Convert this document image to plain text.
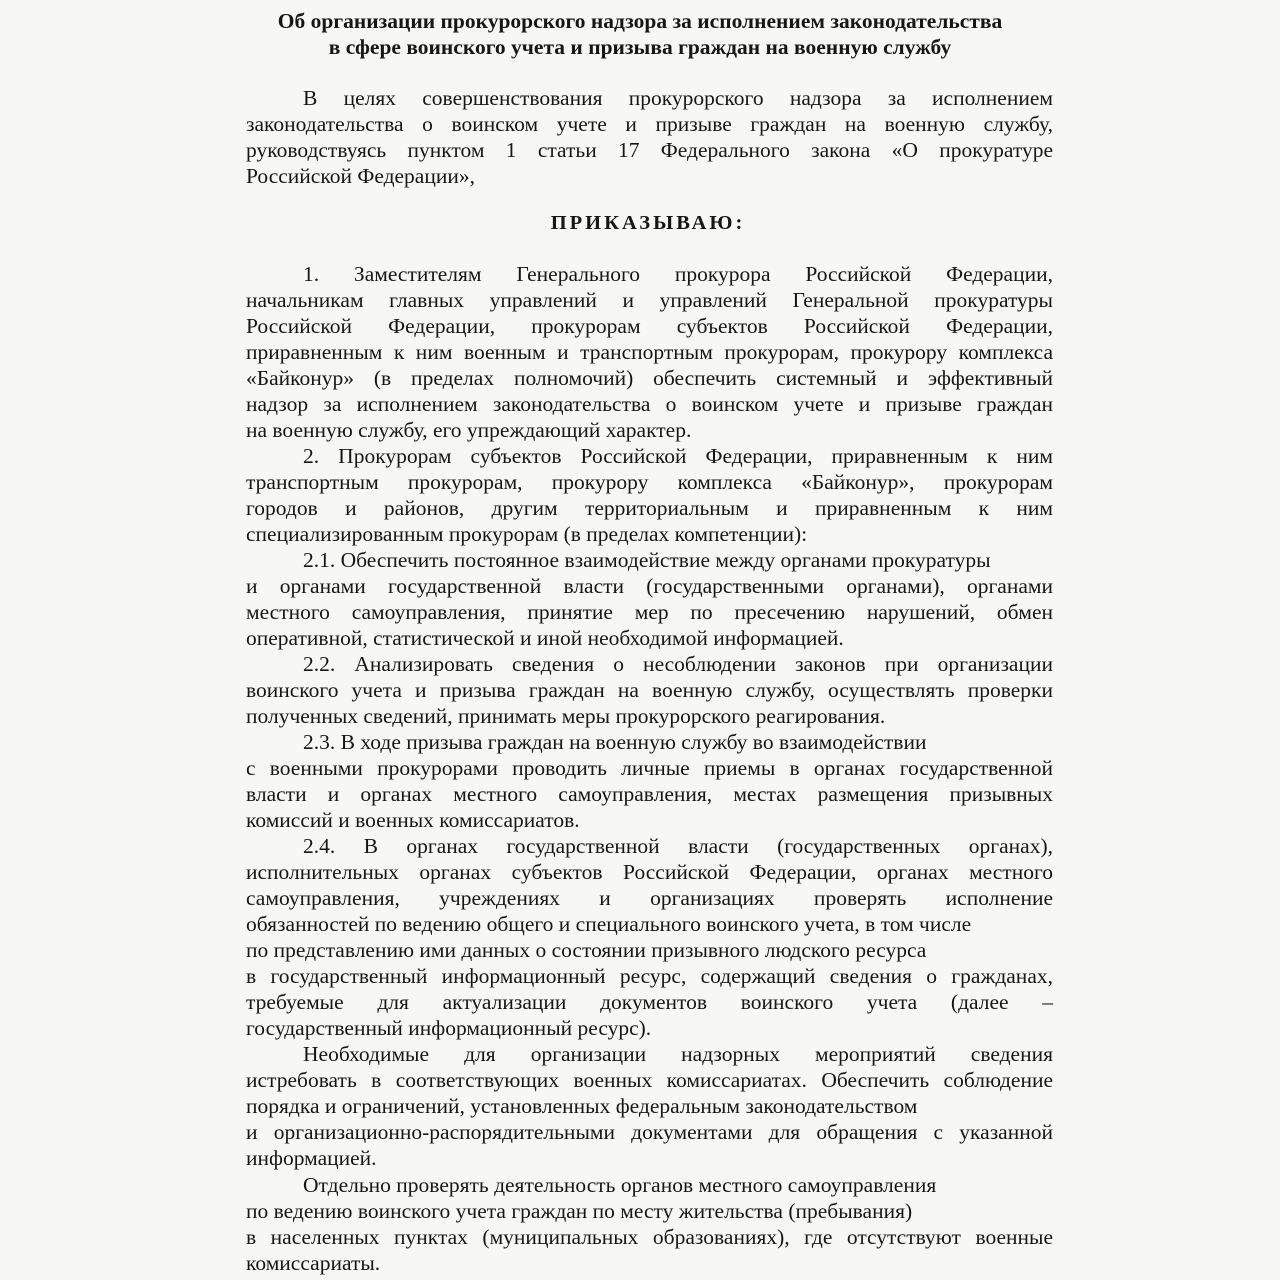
Об организации прокурорского надзора за исполнением законодательства
в сфере воинского учета и призыва граждан на военную службу
В целях совершенствования прокурорского надзора за исполнением
законодательства о воинском учете и призыве граждан на военную службу,
руководствуясь пунктом 1 статьи 17 Федерального закона «О прокуратуре
Российской Федерации»,
ПРИКАЗЫВАЮ:
1. Заместителям Генерального прокурора Российской Федерации,
начальникам главных управлений и управлений Генеральной прокуратуры
Российской Федерации, прокурорам субъектов Российской Федерации,
приравненным к ним военным и транспортным прокурорам, прокурору комплекса
«Байконур» (в пределах полномочий) обеспечить системный и эффективный
надзор за исполнением законодательства о воинском учете и призыве граждан
на военную службу, его упреждающий характер.
2. Прокурорам субъектов Российской Федерации, приравненным к ним
транспортным прокурорам, прокурору комплекса «Байконур», прокурорам
городов и районов, другим территориальным и приравненным к ним
специализированным прокурорам (в пределах компетенции):
2.1. Обеспечить постоянное взаимодействие между органами прокуратуры
и органами государственной власти (государственными органами), органами
местного самоуправления, принятие мер по пресечению нарушений, обмен
оперативной, статистической и иной необходимой информацией.
2.2. Анализировать сведения о несоблюдении законов при организации
воинского учета и призыва граждан на военную службу, осуществлять проверки
полученных сведений, принимать меры прокурорского реагирования.
2.3. В ходе призыва граждан на военную службу во взаимодействии
с военными прокурорами проводить личные приемы в органах государственной
власти и органах местного самоуправления, местах размещения призывных
комиссий и военных комиссариатов.
2.4. В органах государственной власти (государственных органах),
исполнительных органах субъектов Российской Федерации, органах местного
самоуправления, учреждениях и организациях проверять исполнение
обязанностей по ведению общего и специального воинского учета, в том числе
по представлению ими данных о состоянии призывного людского ресурса
в государственный информационный ресурс, содержащий сведения о гражданах,
требуемые для актуализации документов воинского учета (далее –
государственный информационный ресурс).
Необходимые для организации надзорных мероприятий сведения
истребовать в соответствующих военных комиссариатах. Обеспечить соблюдение
порядка и ограничений, установленных федеральным законодательством
и организационно-распорядительными документами для обращения с указанной
информацией.
Отдельно проверять деятельность органов местного самоуправления
по ведению воинского учета граждан по месту жительства (пребывания)
в населенных пунктах (муниципальных образованиях), где отсутствуют военные
комиссариаты.
